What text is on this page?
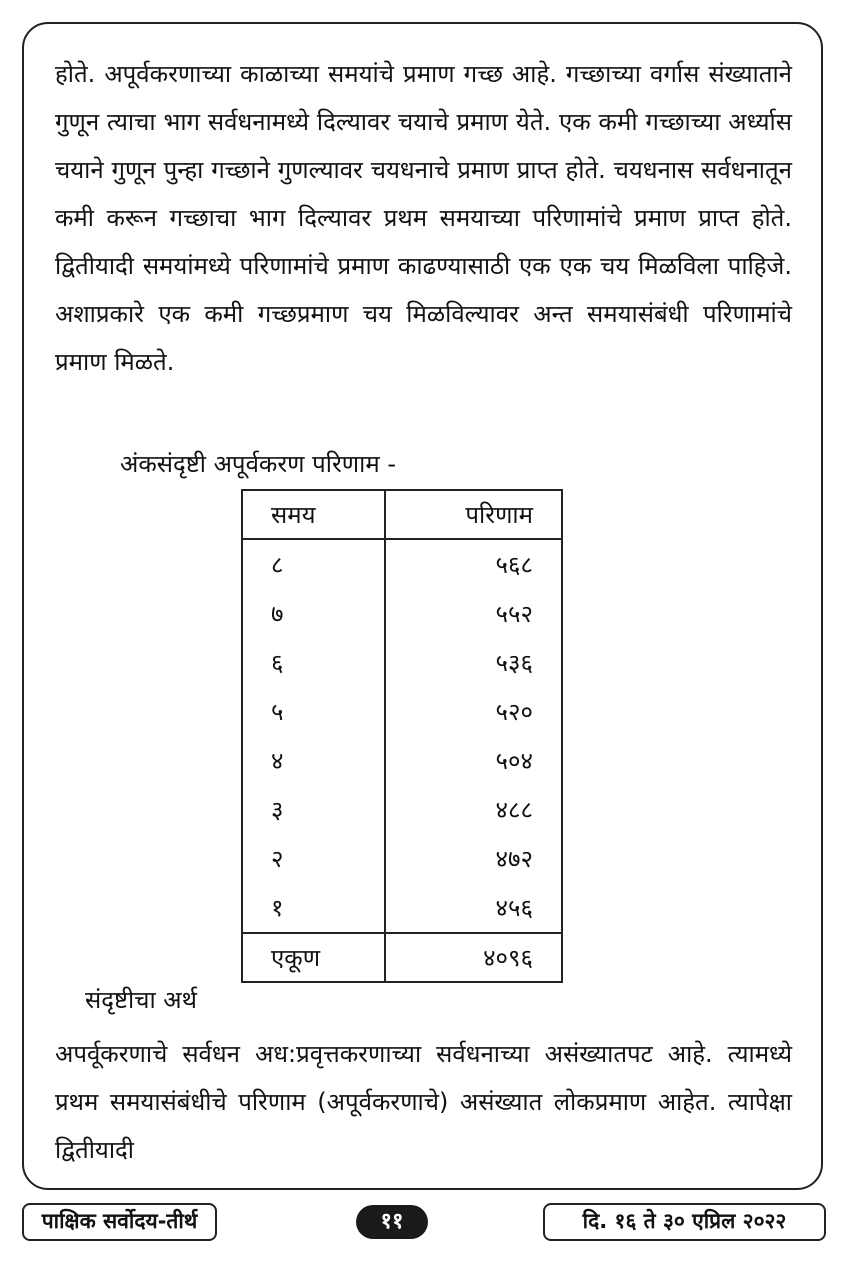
होते. अपूर्वकरणाच्या काळाच्या समयांचे प्रमाण गच्छ आहे. गच्छाच्या वर्गास संख्याताने गुणून त्याचा भाग सर्वधनामध्ये दिल्यावर चयाचे प्रमाण येते. एक कमी गच्छाच्या अर्ध्यास चयाने गुणून पुन्हा गच्छाने गुणल्यावर चयधनाचे प्रमाण प्राप्त होते. चयधनास सर्वधनातून कमी करून गच्छाचा भाग दिल्यावर प्रथम समयाच्या परिणामांचे प्रमाण प्राप्त होते. द्वितीयादी समयांमध्ये परिणामांचे प्रमाण काढण्यासाठी एक एक चय मिळविला पाहिजे. अशाप्रकारे एक कमी गच्छप्रमाण चय मिळविल्यावर अन्त समयासंबंधी परिणामांचे प्रमाण मिळते.

अंकसंदृष्टी अपूर्वकरण परिणाम -

समय	परिणाम
८	५६८
७	५५२
६	५३६
५	५२०
४	५०४
३	४८८
२	४७२
१	४५६
एकूण	४०९६

संदृष्टीचा अर्थ

अपर्वूकरणाचे सर्वधन अध:प्रवृत्तकरणाच्या सर्वधनाच्या असंख्यातपट आहे. त्यामध्ये प्रथम समयासंबंधीचे परिणाम (अपूर्वकरणाचे) असंख्यात लोकप्रमाण आहेत. त्यापेक्षा द्वितीयादी

पाक्षिक सर्वोदय-तीर्थ	११	दि. १६ ते ३० एप्रिल २०२२
